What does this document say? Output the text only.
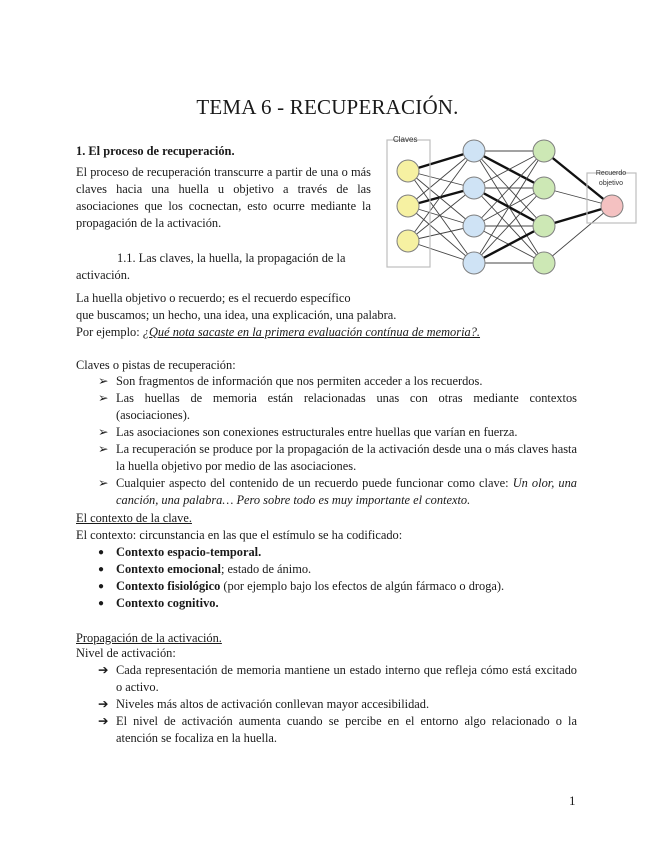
TEMA 6 - RECUPERACIÓN.
1. El proceso de recuperación.
El proceso de recuperación transcurre a partir de una o más claves hacia una huella u objetivo a través de las asociaciones que los cocnectan, esto ocurre mediante la propagación de la activación.
1.1. Las claves, la huella, la propagación de la
activación.
La huella objetivo o recuerdo; es el recuerdo específico
que buscamos; un hecho, una idea, una explicación, una palabra.
Por ejemplo: ¿Qué nota sacaste en la primera evaluación contínua de memoria?.
Claves
Recuerdo
objetivo
Claves o pistas de recuperación:
➢ Son fragmentos de información que nos permiten acceder a los recuerdos.
➢ Las huellas de memoria están relacionadas unas con otras mediante contextos (asociaciones).
➢ Las asociaciones son conexiones estructurales entre huellas que varían en fuerza.
➢ La recuperación se produce por la propagación de la activación desde una o más claves hasta la huella objetivo por medio de las asociaciones.
➢ Cualquier aspecto del contenido de un recuerdo puede funcionar como clave: Un olor, una canción, una palabra… Pero sobre todo es muy importante el contexto.
El contexto de la clave.
El contexto: circunstancia en las que el estímulo se ha codificado:
● Contexto espacio-temporal.
● Contexto emocional; estado de ánimo.
● Contexto fisiológico (por ejemplo bajo los efectos de algún fármaco o droga).
● Contexto cognitivo.
Propagación de la activación.
Nivel de activación:
➔ Cada representación de memoria mantiene un estado interno que refleja cómo está excitado o activo.
➔ Niveles más altos de activación conllevan mayor accesibilidad.
➔ El nivel de activación aumenta cuando se percibe en el entorno algo relacionado o la atención se focaliza en la huella.
1
